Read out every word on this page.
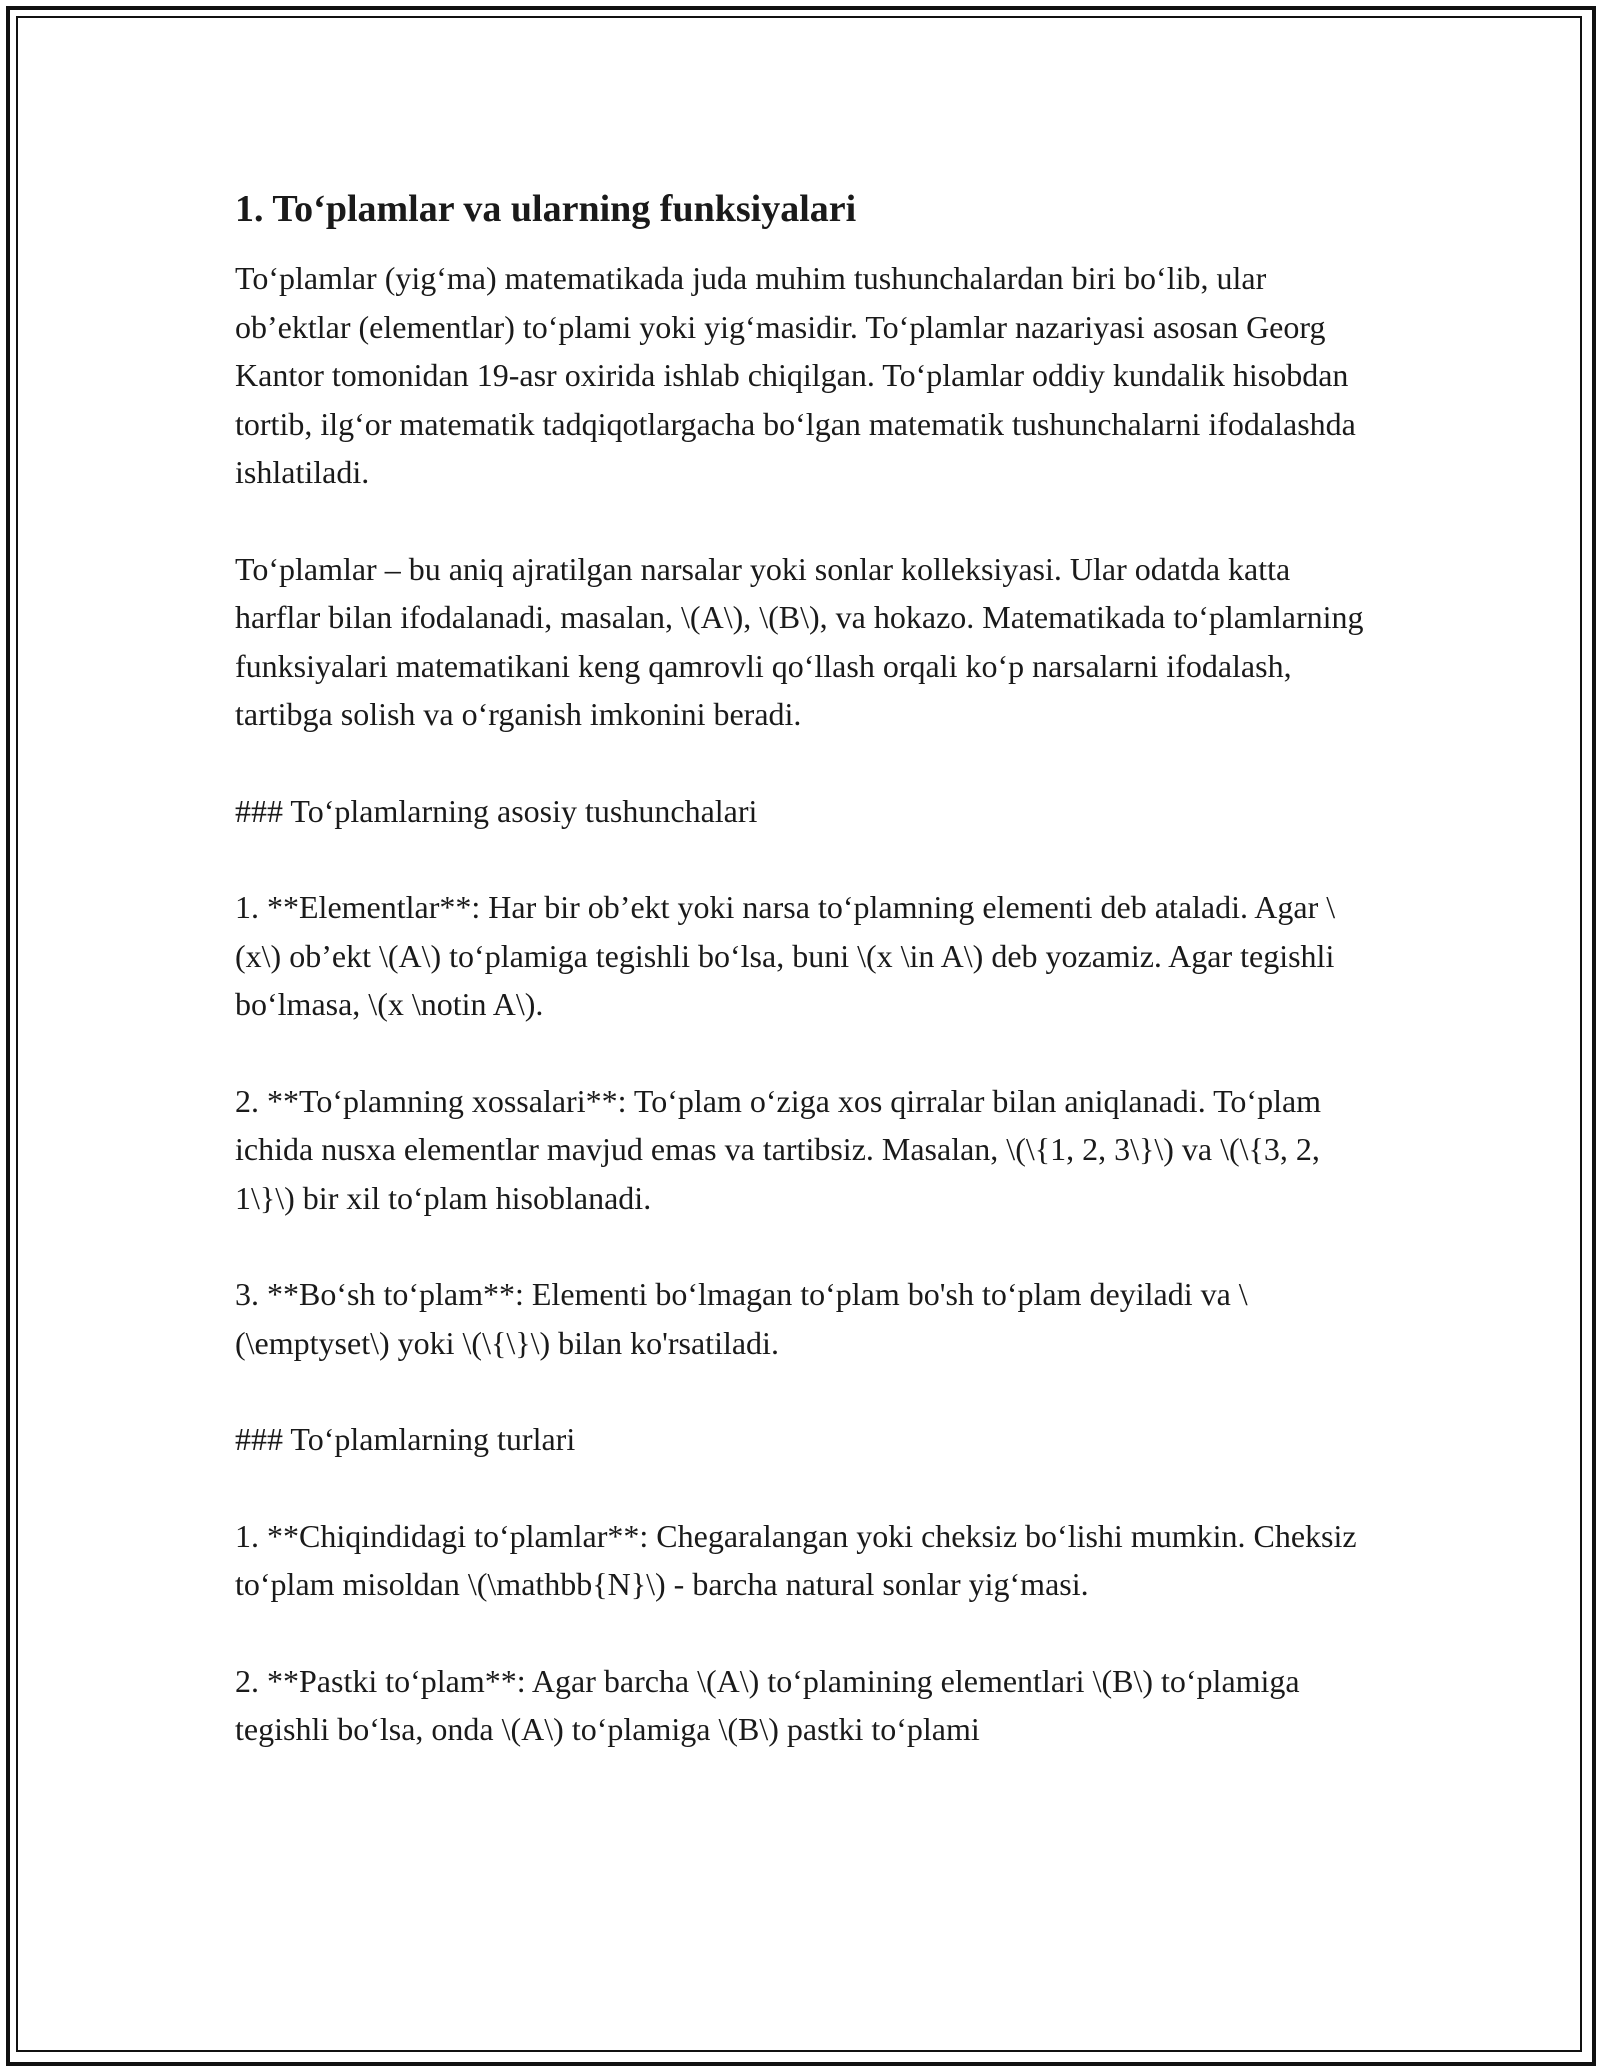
1. To‘plamlar va ularning funksiyalari

To‘plamlar (yig‘ma) matematikada juda muhim tushunchalardan biri bo‘lib, ular ob’ektlar (elementlar) to‘plami yoki yig‘masidir. To‘plamlar nazariyasi asosan Georg Kantor tomonidan 19-asr oxirida ishlab chiqilgan. To‘plamlar oddiy kundalik hisobdan tortib, ilg‘or matematik tadqiqotlargacha bo‘lgan matematik tushunchalarni ifodalashda ishlatiladi.

To‘plamlar – bu aniq ajratilgan narsalar yoki sonlar kolleksiyasi. Ular odatda katta harflar bilan ifodalanadi, masalan, \(A\), \(B\), va hokazo. Matematikada to‘plamlarning funksiyalari matematikani keng qamrovli qo‘llash orqali ko‘p narsalarni ifodalash, tartibga solish va o‘rganish imkonini beradi.

### To‘plamlarning asosiy tushunchalari

1. **Elementlar**: Har bir ob’ekt yoki narsa to‘plamning elementi deb ataladi. Agar \(x\) ob’ekt \(A\) to‘plamiga tegishli bo‘lsa, buni \(x \in A\) deb yozamiz. Agar tegishli bo‘lmasa, \(x \notin A\).

2. **To‘plamning xossalari**: To‘plam o‘ziga xos qirralar bilan aniqlanadi. To‘plam ichida nusxa elementlar mavjud emas va tartibsiz. Masalan, \(\{1, 2, 3\}\) va \(\{3, 2, 1\}\) bir xil to‘plam hisoblanadi.

3. **Bo‘sh to‘plam**: Elementi bo‘lmagan to‘plam bo'sh to‘plam deyiladi va \(\emptyset\) yoki \(\{\}\) bilan ko'rsatiladi.

### To‘plamlarning turlari

1. **Chiqindidagi to‘plamlar**: Chegaralangan yoki cheksiz bo‘lishi mumkin. Cheksiz to‘plam misoldan \(\mathbb{N}\) - barcha natural sonlar yig‘masi.

2. **Pastki to‘plam**: Agar barcha \(A\) to‘plamining elementlari \(B\) to‘plamiga tegishli bo‘lsa, onda \(A\) to‘plamiga \(B\) pastki to‘plami
